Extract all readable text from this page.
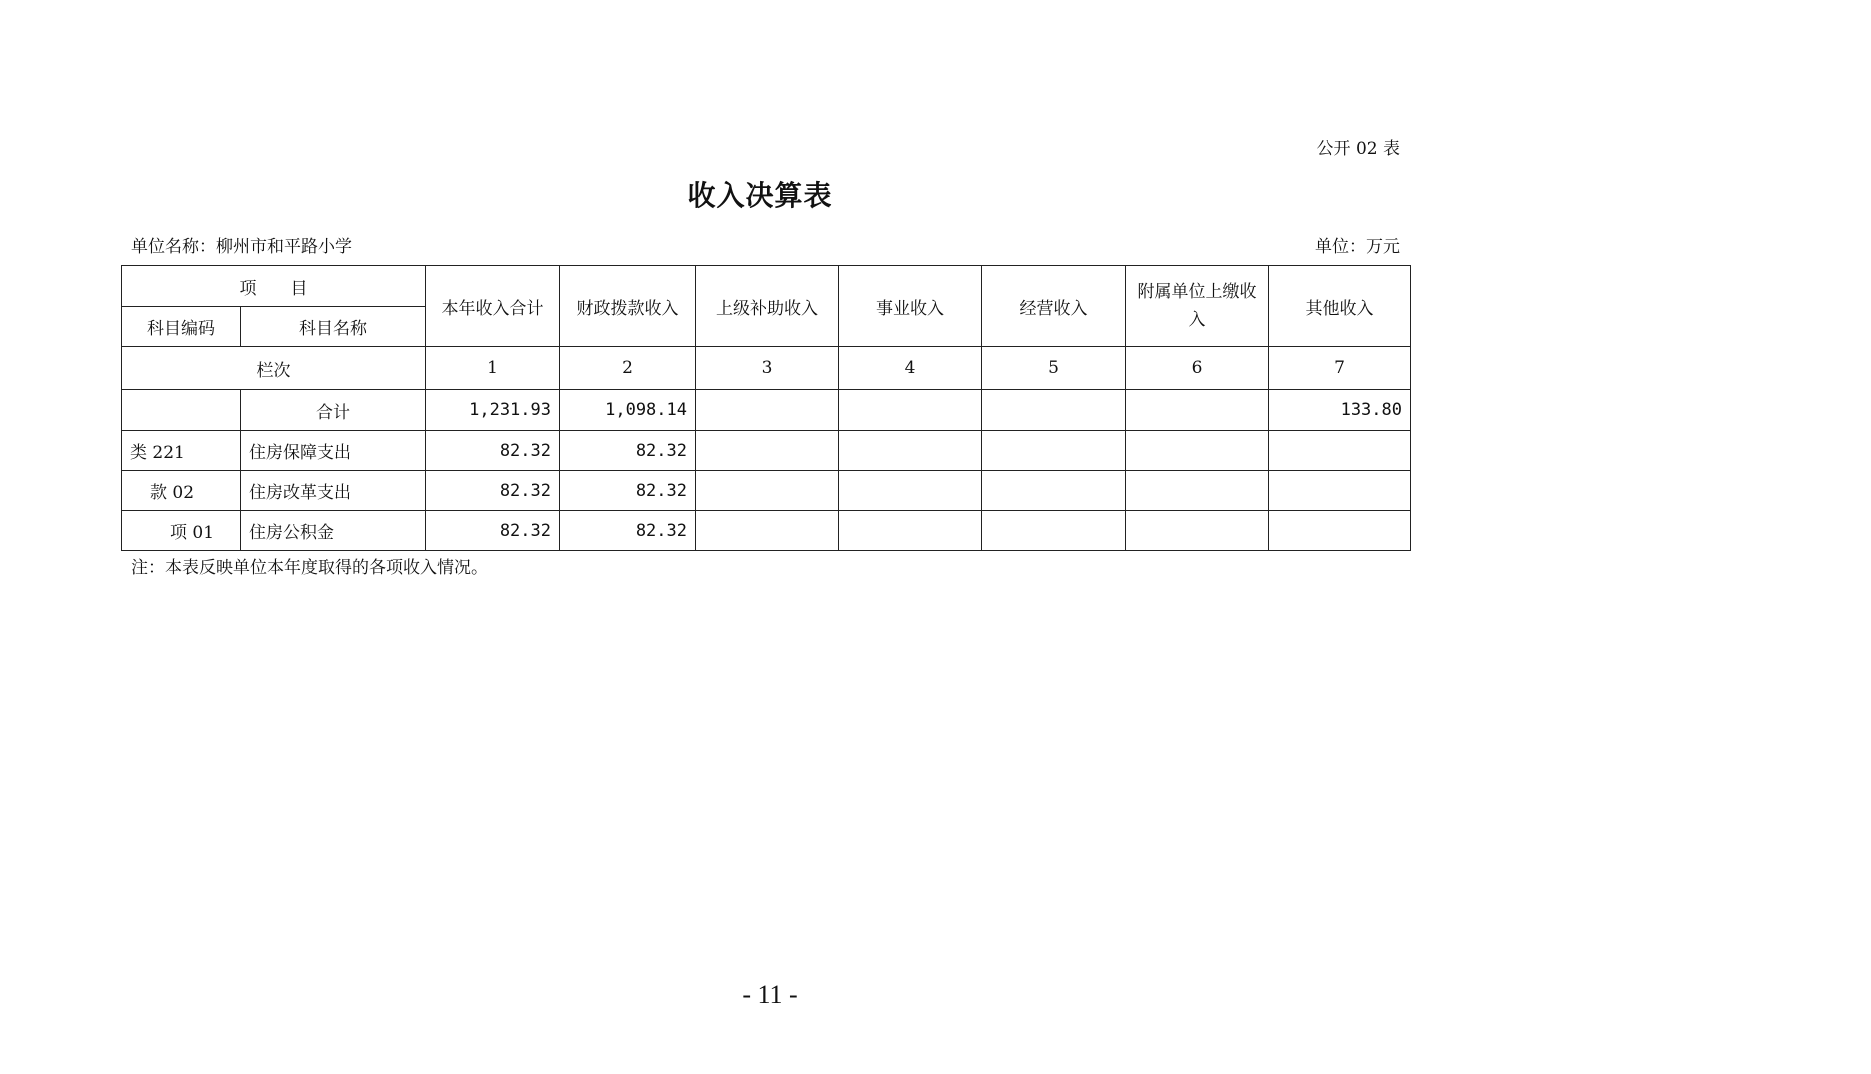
公开 02 表
收入决算表
单位名称：柳州市和平路小学	单位：万元
项　　目		本年收入合计	财政拨款收入	上级补助收入	事业收入	经营收入	附属单位上缴收入	其他收入
科目编码	科目名称							
栏次		1	2	3	4	5	6	7
	合计	1,231.93	1,098.14					133.80
类 221	住房保障支出	82.32	82.32					
款 02	住房改革支出	82.32	82.32					
项 01	住房公积金	82.32	82.32					
注：本表反映单位本年度取得的各项收入情况。
- 11 -
